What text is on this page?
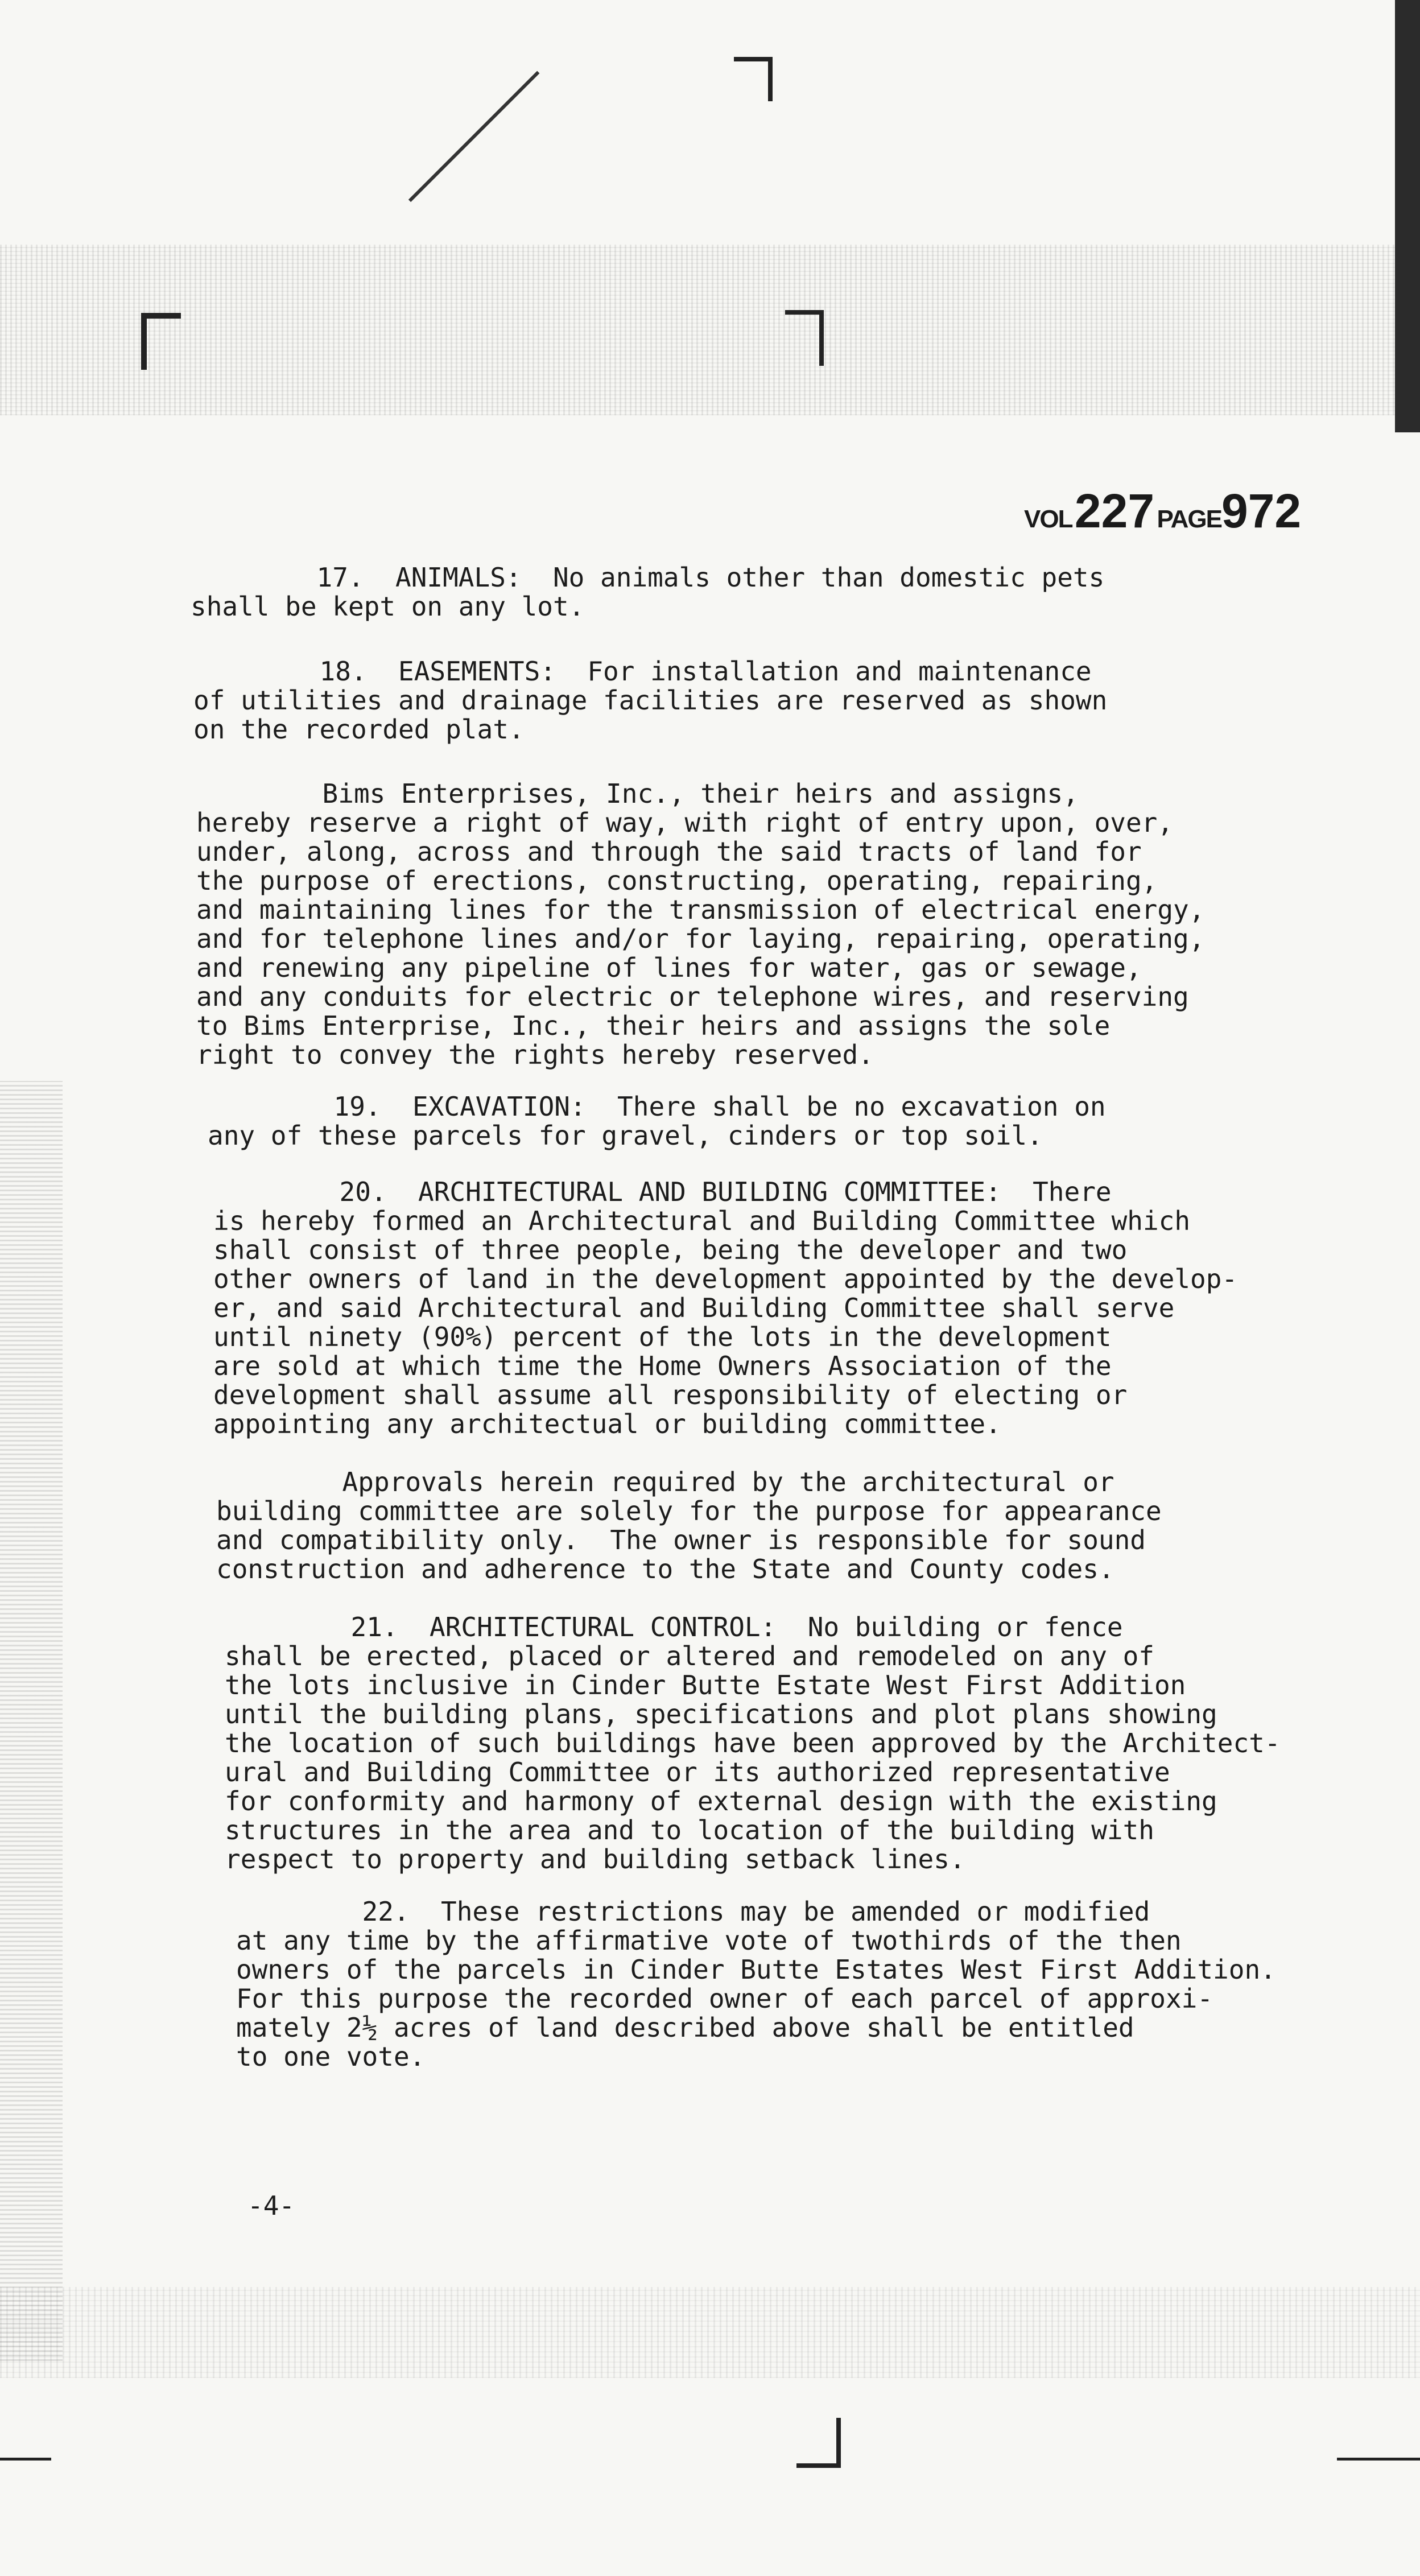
VOL 227 PAGE972
17.  ANIMALS:  No animals other than domestic pets
shall be kept on any lot.
18.  EASEMENTS:  For installation and maintenance
of utilities and drainage facilities are reserved as shown
on the recorded plat.
Bims Enterprises, Inc., their heirs and assigns,
hereby reserve a right of way, with right of entry upon, over,
under, along, across and through the said tracts of land for
the purpose of erections, constructing, operating, repairing,
and maintaining lines for the transmission of electrical energy,
and for telephone lines and/or for laying, repairing, operating,
and renewing any pipeline of lines for water, gas or sewage,
and any conduits for electric or telephone wires, and reserving
to Bims Enterprise, Inc., their heirs and assigns the sole
right to convey the rights hereby reserved.
19.  EXCAVATION:  There shall be no excavation on
any of these parcels for gravel, cinders or top soil.
20.  ARCHITECTURAL AND BUILDING COMMITTEE:  There
is hereby formed an Architectural and Building Committee which
shall consist of three people, being the developer and two
other owners of land in the development appointed by the develop-
er, and said Architectural and Building Committee shall serve
until ninety (90%) percent of the lots in the development
are sold at which time the Home Owners Association of the
development shall assume all responsibility of electing or
appointing any architectual or building committee.
Approvals herein required by the architectural or
building committee are solely for the purpose for appearance
and compatibility only.  The owner is responsible for sound
construction and adherence to the State and County codes.
21.  ARCHITECTURAL CONTROL:  No building or fence
shall be erected, placed or altered and remodeled on any of
the lots inclusive in Cinder Butte Estate West First Addition
until the building plans, specifications and plot plans showing
the location of such buildings have been approved by the Architect-
ural and Building Committee or its authorized representative
for conformity and harmony of external design with the existing
structures in the area and to location of the building with
respect to property and building setback lines.
22.  These restrictions may be amended or modified
at any time by the affirmative vote of twothirds of the then
owners of the parcels in Cinder Butte Estates West First Addition.
For this purpose the recorded owner of each parcel of approxi-
mately 2½ acres of land described above shall be entitled
to one vote.
-4-
